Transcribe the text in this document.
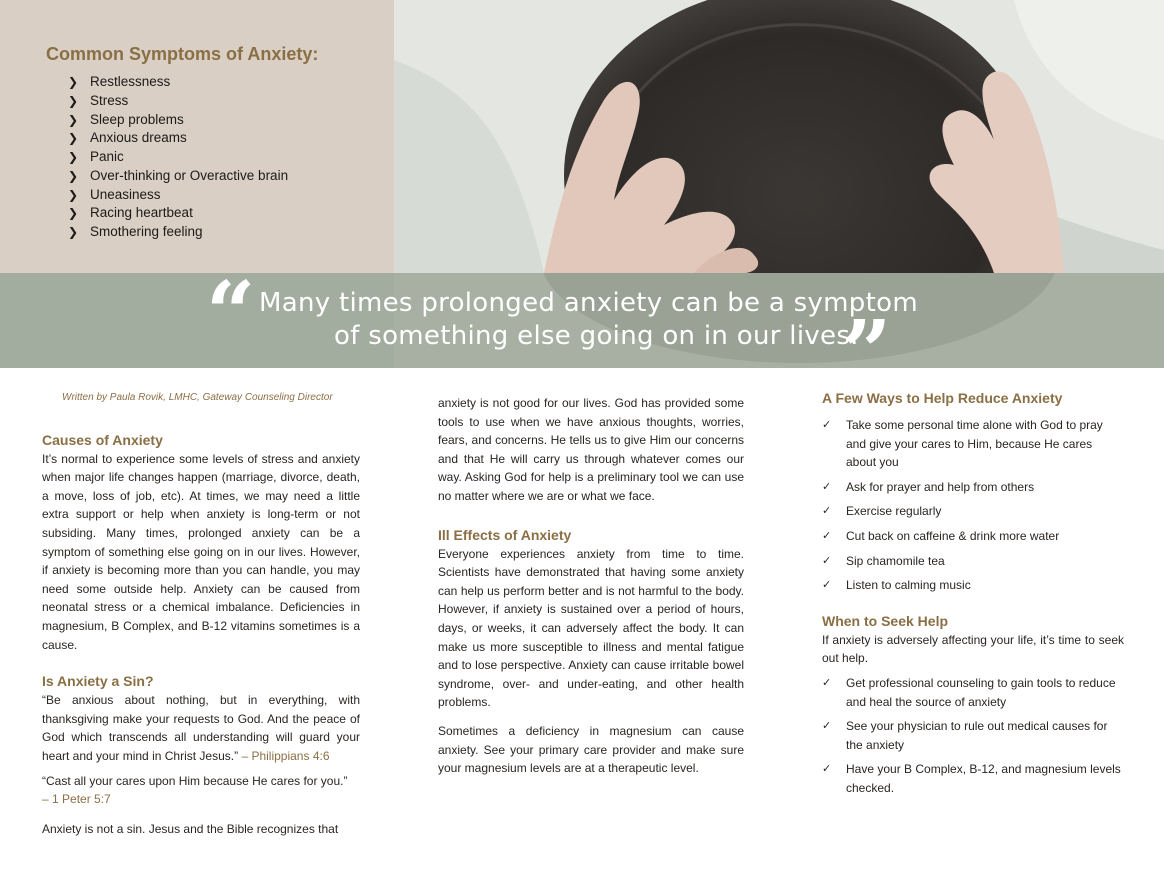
Common Symptoms of Anxiety:
❯ Restlessness
❯ Stress
❯ Sleep problems
❯ Anxious dreams
❯ Panic
❯ Over-thinking or Overactive brain
❯ Uneasiness
❯ Racing heartbeat
❯ Smothering feeling
“ Many times prolonged anxiety can be a symptom
of something else going on in our lives.
”

Written by Paula Rovik, LMHC, Gateway Counseling Director

Causes of Anxiety

It’s normal to experience some levels of stress and anxiety when major life changes happen (marriage, divorce, death, a move, loss of job, etc). At times, we may need a little extra support or help when anxiety is long-term or not subsiding. Many times, prolonged anxiety can be a symptom of something else going on in our lives. However, if anxiety is becoming more than you can handle, you may need some outside help. Anxiety can be caused from neonatal stress or a chemical imbalance. Deficiencies in magnesium, B Complex, and B-12 vitamins sometimes is a cause.

Is Anxiety a Sin?

“Be anxious about nothing, but in everything, with thanksgiving make your requests to God. And the peace of God which transcends all understanding will guard your heart and your mind in Christ Jesus.” – Philippians 4:6

“Cast all your cares upon Him because He cares for you.”
– 1 Peter 5:7

Anxiety is not a sin. Jesus and the Bible recognizes that

anxiety is not good for our lives. God has provided some tools to use when we have anxious thoughts, worries, fears, and concerns. He tells us to give Him our concerns and that He will carry us through whatever comes our way. Asking God for help is a preliminary tool we can use no matter where we are or what we face.

Ill Effects of Anxiety

Everyone experiences anxiety from time to time. Scientists have demonstrated that having some anxiety can help us perform better and is not harmful to the body. However, if anxiety is sustained over a period of hours, days, or weeks, it can adversely affect the body. It can make us more susceptible to illness and mental fatigue and to lose perspective. Anxiety can cause irritable bowel syndrome, over- and under-eating, and other health problems.

Sometimes a deficiency in magnesium can cause anxiety. See your primary care provider and make sure your magnesium levels are at a therapeutic level.

A Few Ways to Help Reduce Anxiety
✓ Take some personal time alone with God to pray and give your cares to Him, because He cares about you
✓ Ask for prayer and help from others
✓ Exercise regularly
✓ Cut back on caffeine & drink more water
✓ Sip chamomile tea
✓ Listen to calming music
When to Seek Help

If anxiety is adversely affecting your life, it’s time to seek out help.

✓ Get professional counseling to gain tools to reduce and heal the source of anxiety
✓ See your physician to rule out medical causes for the anxiety
✓ Have your B Complex, B-12, and magnesium levels checked.
